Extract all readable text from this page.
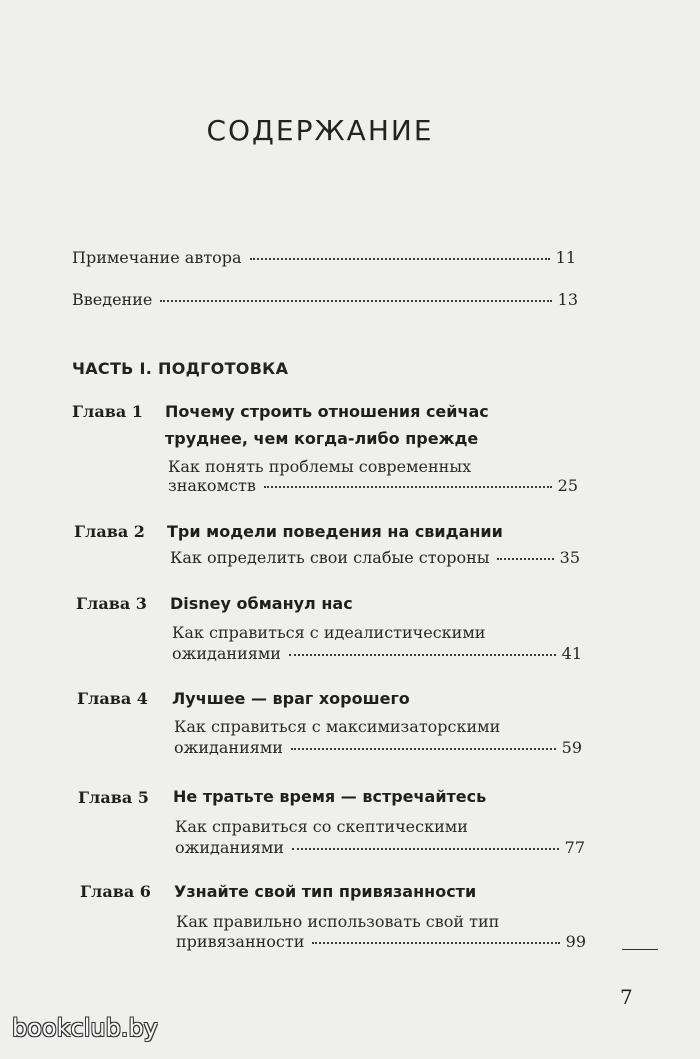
СОДЕРЖАНИЕ
Примечание автора	11
Введение	13
ЧАСТЬ I. ПОДГОТОВКА
Глава 1 Почему строить отношения сейчас
труднее, чем когда-либо прежде
Как понять проблемы современных
знакомств	25
Глава 2 Три модели поведения на свидании
Как определить свои слабые стороны	35
Глава 3 Disney обманул нас
Как справиться с идеалистическими
ожиданиями	41
Глава 4 Лучшее — враг хорошего
Как справиться с максимизаторскими
ожиданиями	59
Глава 5 Не тратьте время — встречайтесь
Как справиться со скептическими
ожиданиями	77
Глава 6 Узнайте свой тип привязанности
Как правильно использовать свой тип
привязанности	99
7
bookclub.by
